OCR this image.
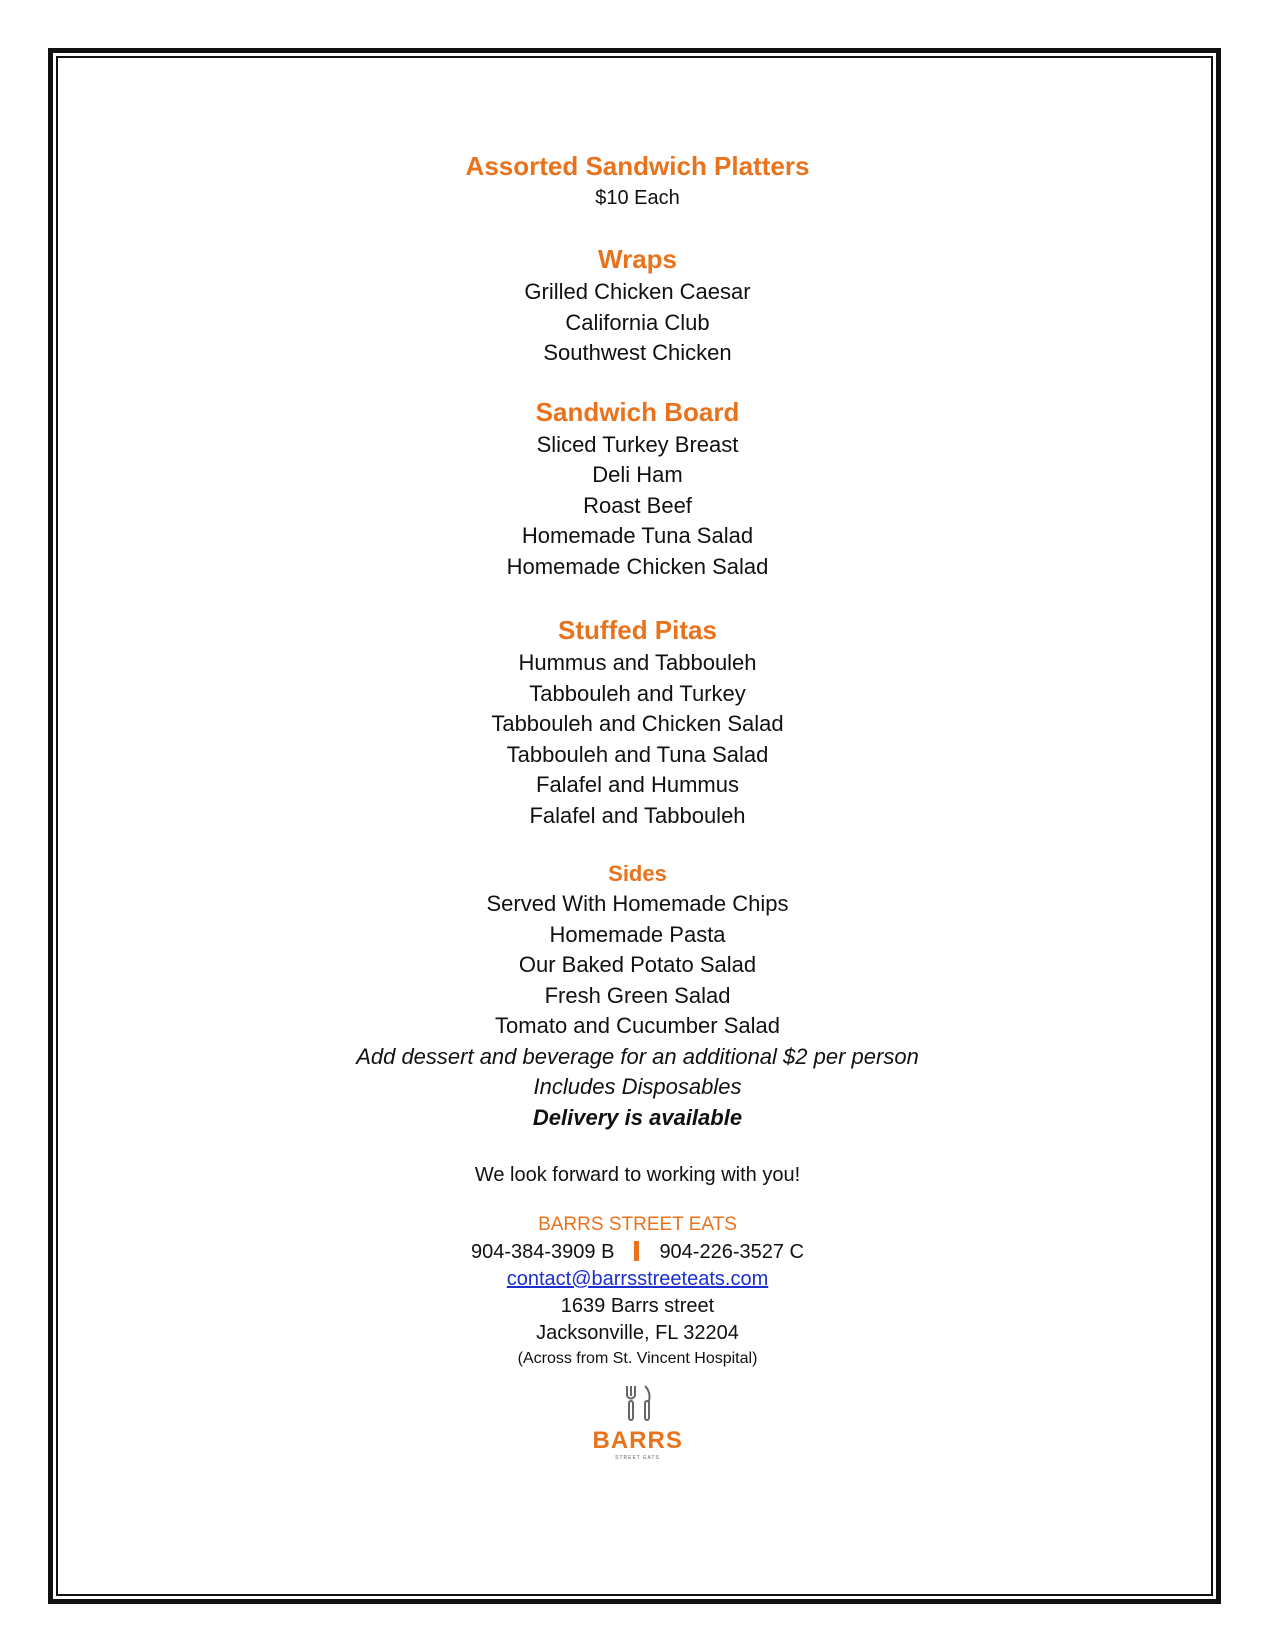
Assorted Sandwich Platters

$10 Each

Wraps

Grilled Chicken Caesar

California Club

Southwest Chicken

Sandwich Board

Sliced Turkey Breast

Deli Ham

Roast Beef

Homemade Tuna Salad

Homemade Chicken Salad

Stuffed Pitas

Hummus and Tabbouleh

Tabbouleh and Turkey

Tabbouleh and Chicken Salad

Tabbouleh and Tuna Salad

Falafel and Hummus

Falafel and Tabbouleh

Sides

Served With Homemade Chips

Homemade Pasta

Our Baked Potato Salad

Fresh Green Salad

Tomato and Cucumber Salad

Add dessert and beverage for an additional $2 per person

Includes Disposables

Delivery is available

We look forward to working with you!

BARRS STREET EATS

904-384-3909 B 904-226-3527 C

contact@barrsstreeteats.com

1639 Barrs street

Jacksonville, FL 32204

(Across from St. Vincent Hospital)

BARRS
STREET EATS
